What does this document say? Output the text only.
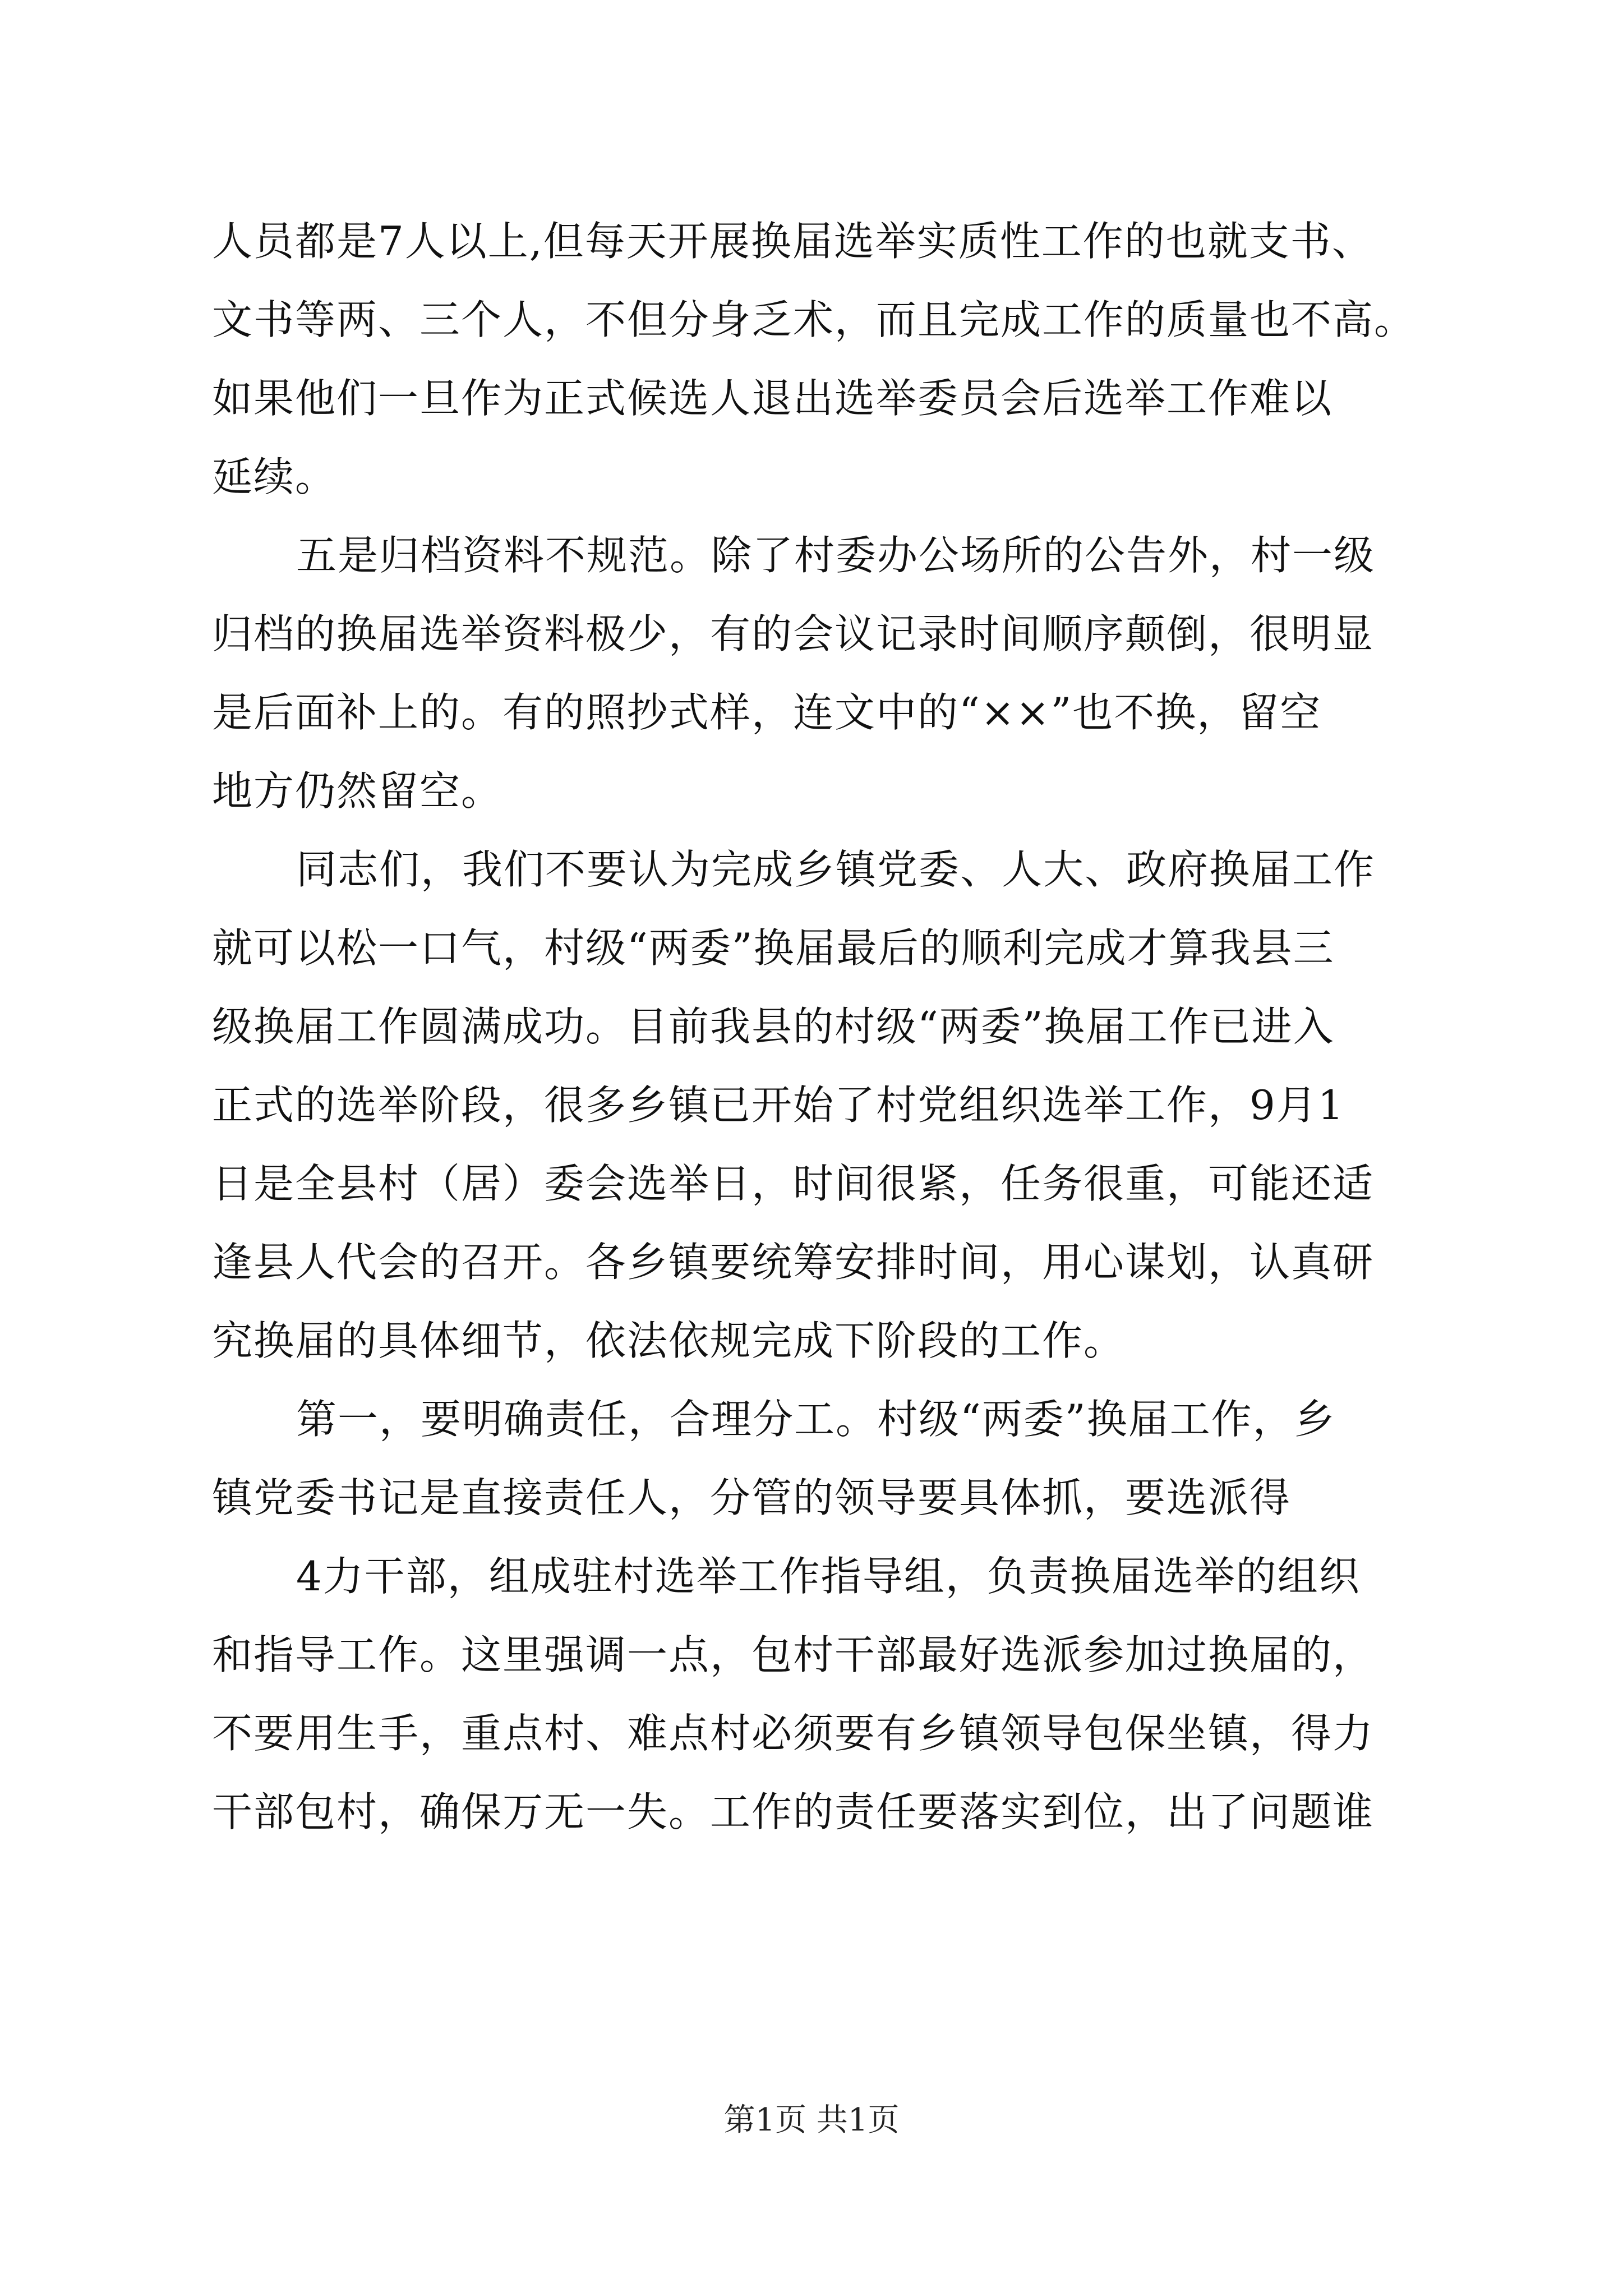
人员都是7人以上,但每天开展换届选举实质性工作的也就支书、
文书等两、三个人，不但分身乏术，而且完成工作的质量也不高。
如果他们一旦作为正式候选人退出选举委员会后选举工作难以
延续。
五是归档资料不规范。除了村委办公场所的公告外，村一级
归档的换届选举资料极少，有的会议记录时间顺序颠倒，很明显
是后面补上的。有的照抄式样，连文中的“××”也不换，留空
地方仍然留空。
同志们，我们不要认为完成乡镇党委、人大、政府换届工作
就可以松一口气，村级“两委”换届最后的顺利完成才算我县三
级换届工作圆满成功。目前我县的村级“两委”换届工作已进入
正式的选举阶段，很多乡镇已开始了村党组织选举工作，9月1
日是全县村（居）委会选举日，时间很紧，任务很重，可能还适
逢县人代会的召开。各乡镇要统筹安排时间，用心谋划，认真研
究换届的具体细节，依法依规完成下阶段的工作。
第一，要明确责任，合理分工。村级“两委”换届工作，乡
镇党委书记是直接责任人，分管的领导要具体抓，要选派得
4力干部，组成驻村选举工作指导组，负责换届选举的组织
和指导工作。这里强调一点，包村干部最好选派参加过换届的，
不要用生手，重点村、难点村必须要有乡镇领导包保坐镇，得力
干部包村，确保万无一失。工作的责任要落实到位，出了问题谁
第1页 共1页
